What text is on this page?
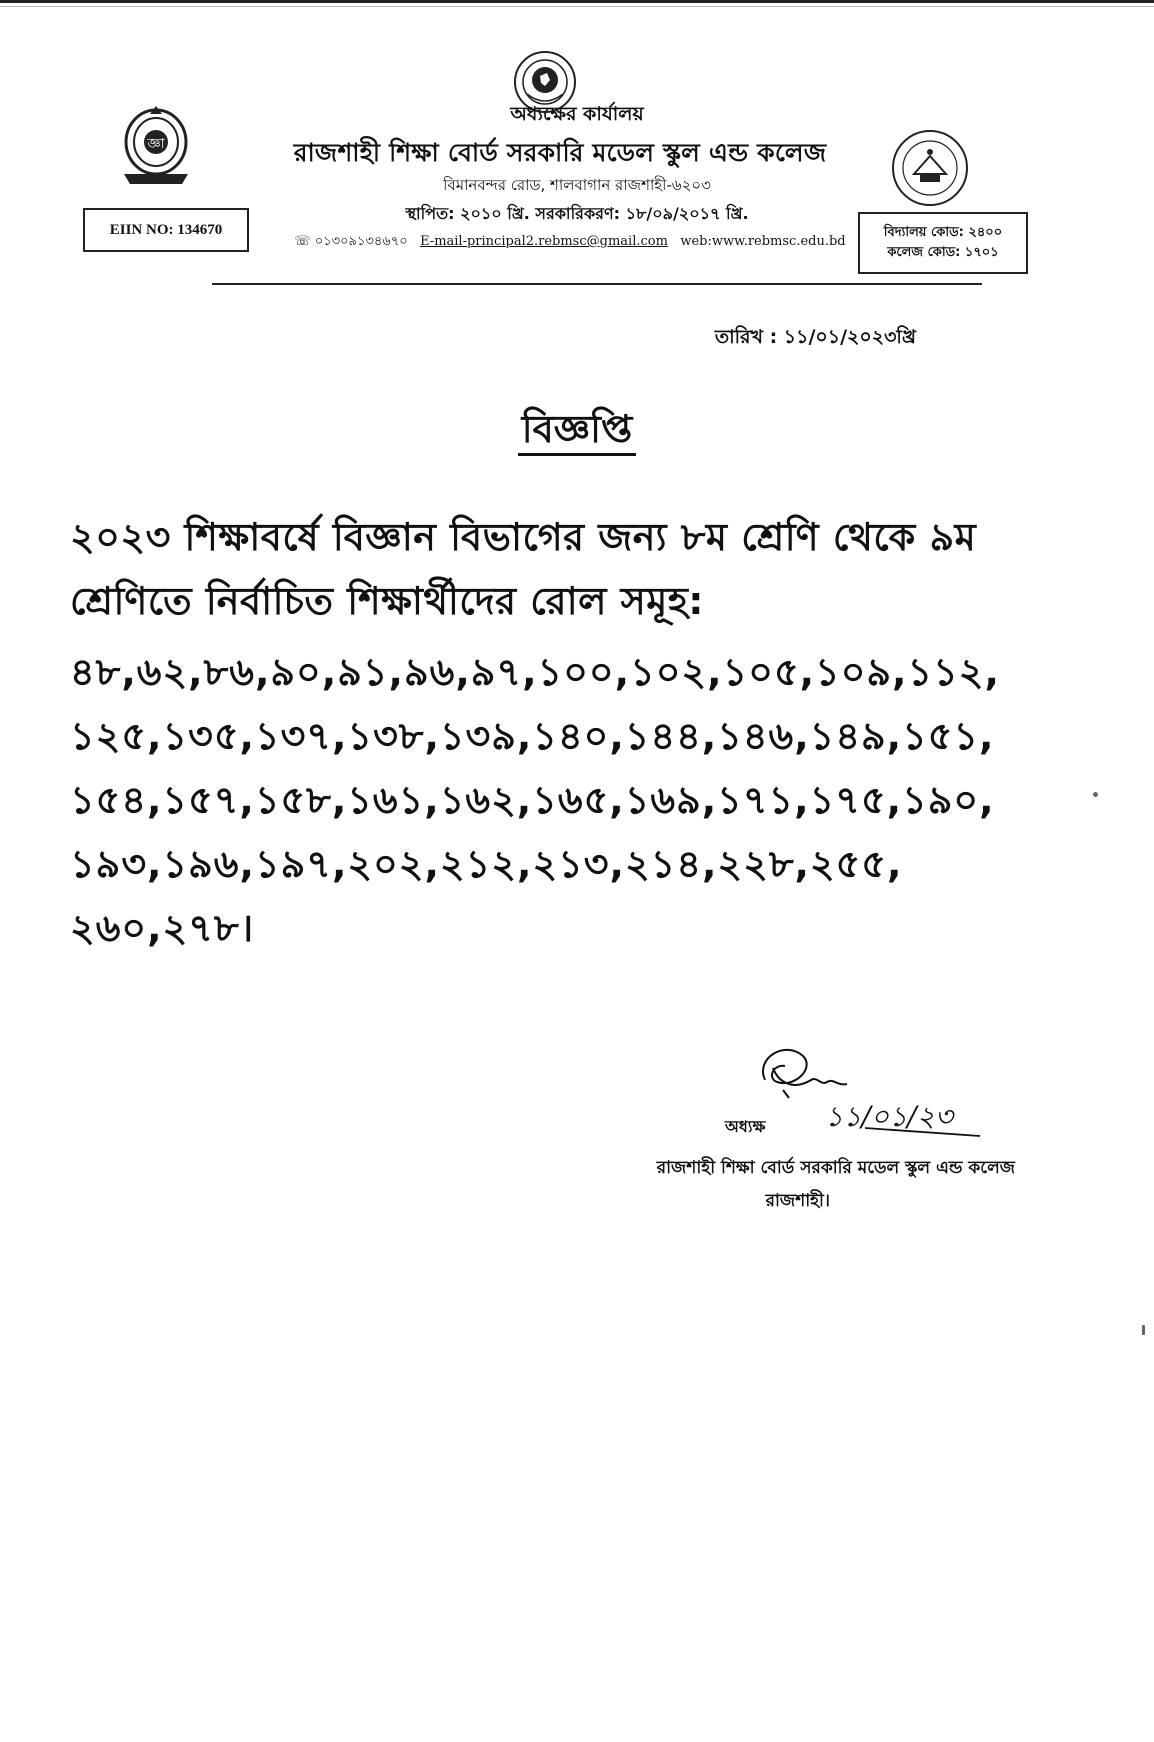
জ্ঞা
অধ্যক্ষের কার্যালয়
রাজশাহী শিক্ষা বোর্ড সরকারি মডেল স্কুল এন্ড কলেজ
বিমানবন্দর রোড, শালবাগান রাজশাহী-৬২০৩
স্থাপিত: ২০১০ খ্রি. সরকারিকরণ: ১৮/০৯/২০১৭ খ্রি.
☏ ০১৩০৯১৩৪৬৭০ E-mail-principal2.rebmsc@gmail.com web:www.rebmsc.edu.bd
EIIN NO: 134670	বিদ্যালয় কোড: ২৪০০
কলেজ কোড: ১৭০১
তারিখ : ১১/০১/২০২৩খ্রি
বিজ্ঞপ্তি
২০২৩ শিক্ষাবর্ষে বিজ্ঞান বিভাগের জন্য ৮ম শ্রেণি থেকে ৯ম শ্রেণিতে নির্বাচিত শিক্ষার্থীদের রোল সমূহ:
৪৮,৬২,৮৬,৯০,৯১,৯৬,৯৭,১০০,১০২,১০৫,১০৯,১১২,
১২৫,১৩৫,১৩৭,১৩৮,১৩৯,১৪০,১৪৪,১৪৬,১৪৯,১৫১,
১৫৪,১৫৭,১৫৮,১৬১,১৬২,১৬৫,১৬৯,১৭১,১৭৫,১৯০,
১৯৩,১৯৬,১৯৭,২০২,২১২,২১৩,২১৪,২২৮,২৫৫,
২৬০,২৭৮।
১১/০১/২৩
অধ্যক্ষ
রাজশাহী শিক্ষা বোর্ড সরকারি মডেল স্কুল এন্ড কলেজ
রাজশাহী।
